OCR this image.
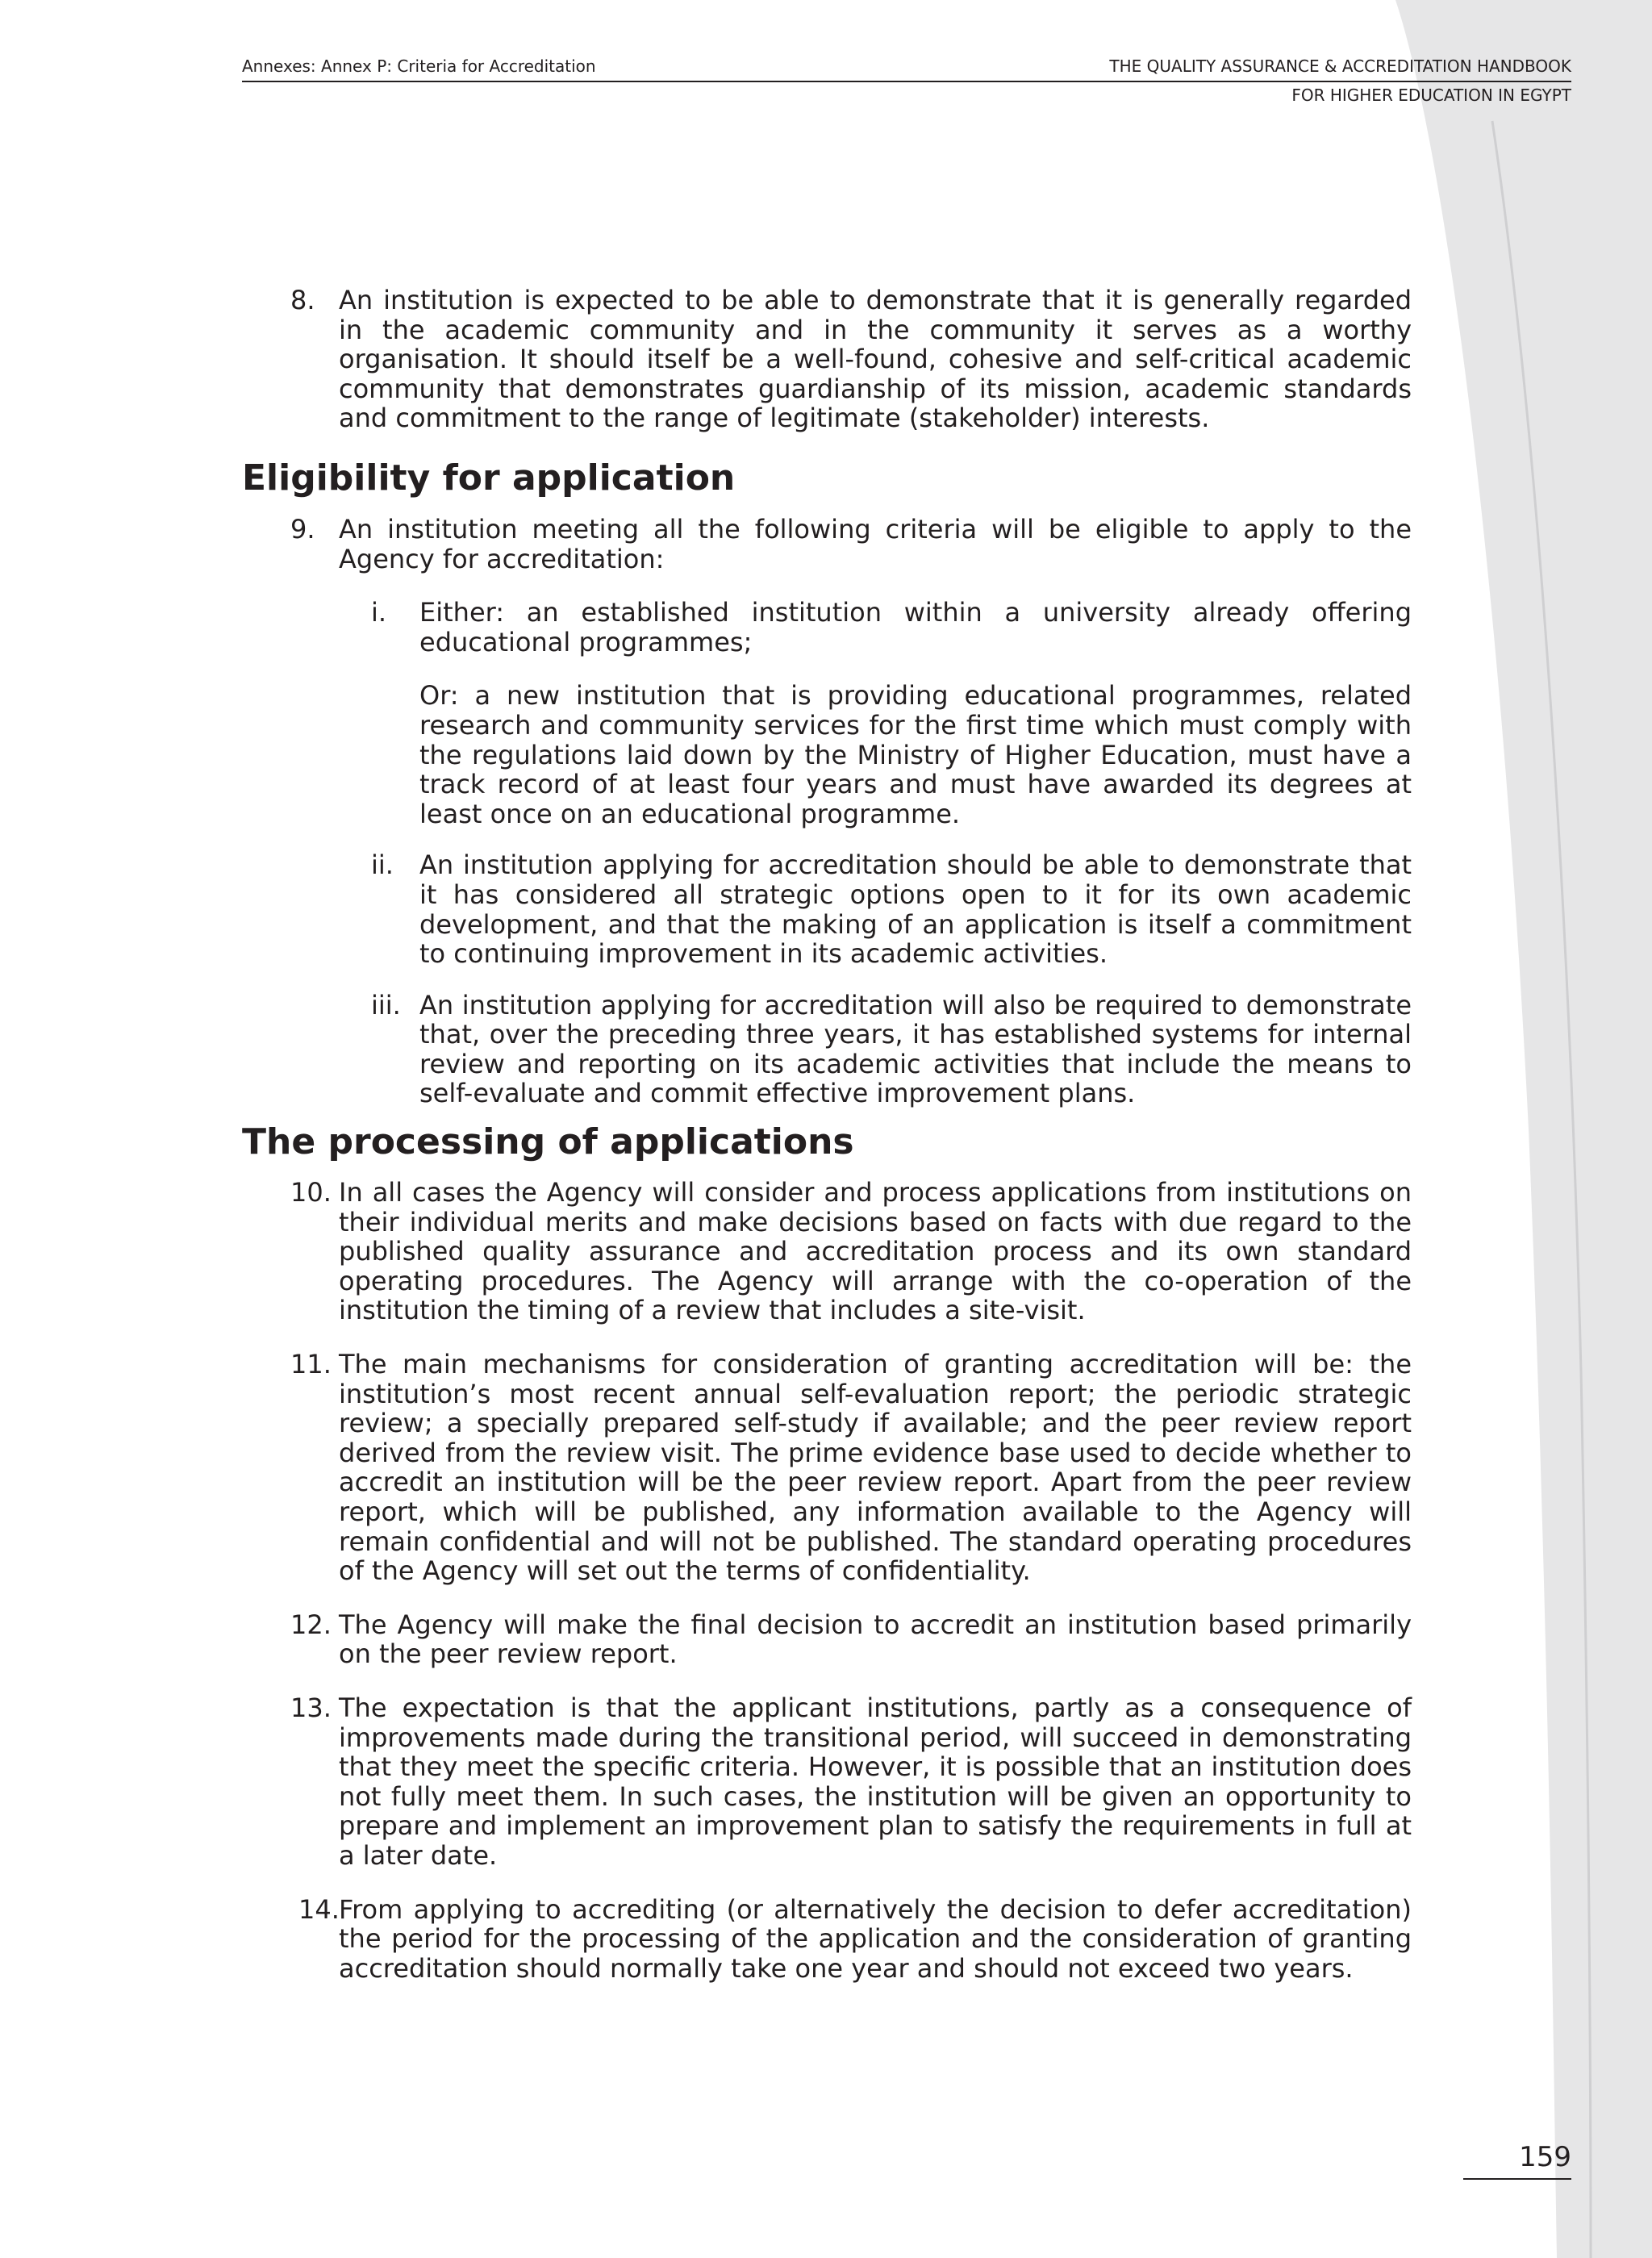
Annexes: Annex P: Criteria for Accreditation	THE QUALITY ASSURANCE & ACCREDITATION HANDBOOK
FOR HIGHER EDUCATION IN EGYPT

8. An institution is expected to be able to demonstrate that it is generally regarded in the academic community and in the community it serves as a worthy organisation. It should itself be a well-found, cohesive and self-critical academic community that demonstrates guardianship of its mission, academic standards and commitment to the range of legitimate (stakeholder) interests.

Eligibility for application

9. An institution meeting all the following criteria will be eligible to apply to the Agency for accreditation:

i. Either: an established institution within a university already offering educational programmes;

Or: a new institution that is providing educational programmes, related research and community services for the first time which must comply with the regulations laid down by the Ministry of Higher Education, must have a track record of at least four years and must have awarded its degrees at least once on an educational programme.

ii. An institution applying for accreditation should be able to demonstrate that it has considered all strategic options open to it for its own academic development, and that the making of an application is itself a commitment to continuing improvement in its academic activities.

iii. An institution applying for accreditation will also be required to demonstrate that, over the preceding three years, it has established systems for internal review and reporting on its academic activities that include the means to self-evaluate and commit effective improvement plans.

The processing of applications

10. In all cases the Agency will consider and process applications from institutions on their individual merits and make decisions based on facts with due regard to the published quality assurance and accreditation process and its own standard operating procedures. The Agency will arrange with the co-operation of the institution the timing of a review that includes a site-visit.

11. The main mechanisms for consideration of granting accreditation will be: the institution’s most recent annual self-evaluation report; the periodic strategic review; a specially prepared self-study if available; and the peer review report derived from the review visit. The prime evidence base used to decide whether to accredit an institution will be the peer review report. Apart from the peer review report, which will be published, any information available to the Agency will remain confidential and will not be published. The standard operating procedures of the Agency will set out the terms of confidentiality.

12. The Agency will make the final decision to accredit an institution based primarily on the peer review report.

13. The expectation is that the applicant institutions, partly as a consequence of improvements made during the transitional period, will succeed in demonstrating that they meet the specific criteria. However, it is possible that an institution does not fully meet them. In such cases, the institution will be given an opportunity to prepare and implement an improvement plan to satisfy the requirements in full at a later date.

14. From applying to accrediting (or alternatively the decision to defer accreditation) the period for the processing of the application and the consideration of granting accreditation should normally take one year and should not exceed two years.

159
